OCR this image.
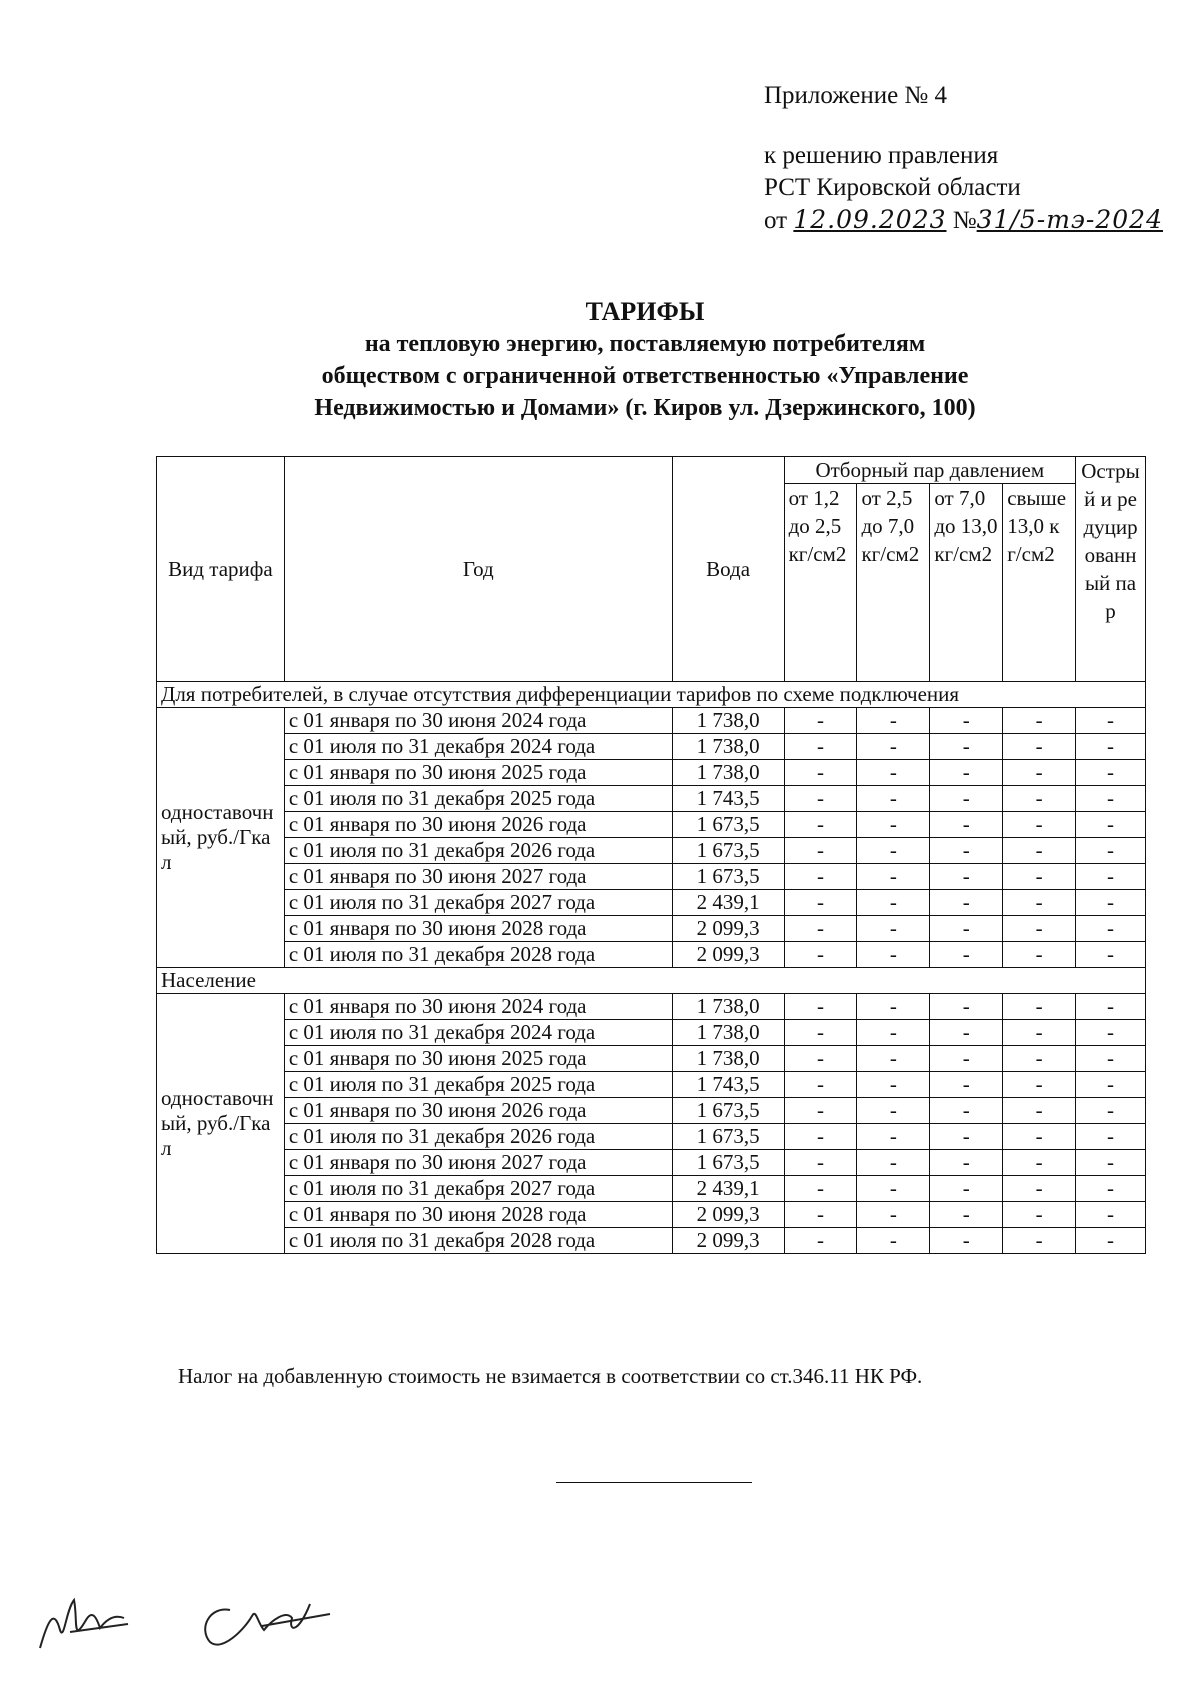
Приложение № 4
к решению правления
РСТ Кировской области
от 12.09.2023 №31/5-тэ-2024
ТАРИФЫ
на тепловую энергию, поставляемую потребителям
обществом с ограниченной ответственностью «Управление
Недвижимостью и Домами» (г. Киров ул. Дзержинского, 100)
Вид тарифа	Год	Вода	Отборный пар давлением				Острый и редуцированный пар
			от 1,2 до 2,5 кг/см2	от 2,5 до 7,0 кг/см2	от 7,0 до 13,0 кг/см2	свыше 13,0 кг/см2	
Для потребителей, в случае отсутствия дифференциации тарифов по схеме подключения							
одноставочный, руб./Гкал	с 01 января по 30 июня 2024 года	1 738,0	-	-	-	-	-
	с 01 июля по 31 декабря 2024 года	1 738,0	-	-	-	-	-
	с 01 января по 30 июня 2025 года	1 738,0	-	-	-	-	-
	с 01 июля по 31 декабря 2025 года	1 743,5	-	-	-	-	-
	с 01 января по 30 июня 2026 года	1 673,5	-	-	-	-	-
	с 01 июля по 31 декабря 2026 года	1 673,5	-	-	-	-	-
	с 01 января по 30 июня 2027 года	1 673,5	-	-	-	-	-
	с 01 июля по 31 декабря 2027 года	2 439,1	-	-	-	-	-
	с 01 января по 30 июня 2028 года	2 099,3	-	-	-	-	-
	с 01 июля по 31 декабря 2028 года	2 099,3	-	-	-	-	-
Население							
одноставочный, руб./Гкал	с 01 января по 30 июня 2024 года	1 738,0	-	-	-	-	-
	с 01 июля по 31 декабря 2024 года	1 738,0	-	-	-	-	-
	с 01 января по 30 июня 2025 года	1 738,0	-	-	-	-	-
	с 01 июля по 31 декабря 2025 года	1 743,5	-	-	-	-	-
	с 01 января по 30 июня 2026 года	1 673,5	-	-	-	-	-
	с 01 июля по 31 декабря 2026 года	1 673,5	-	-	-	-	-
	с 01 января по 30 июня 2027 года	1 673,5	-	-	-	-	-
	с 01 июля по 31 декабря 2027 года	2 439,1	-	-	-	-	-
	с 01 января по 30 июня 2028 года	2 099,3	-	-	-	-	-
	с 01 июля по 31 декабря 2028 года	2 099,3	-	-	-	-	-
Налог на добавленную стоимость не взимается в соответствии со ст.346.11 НК РФ.
